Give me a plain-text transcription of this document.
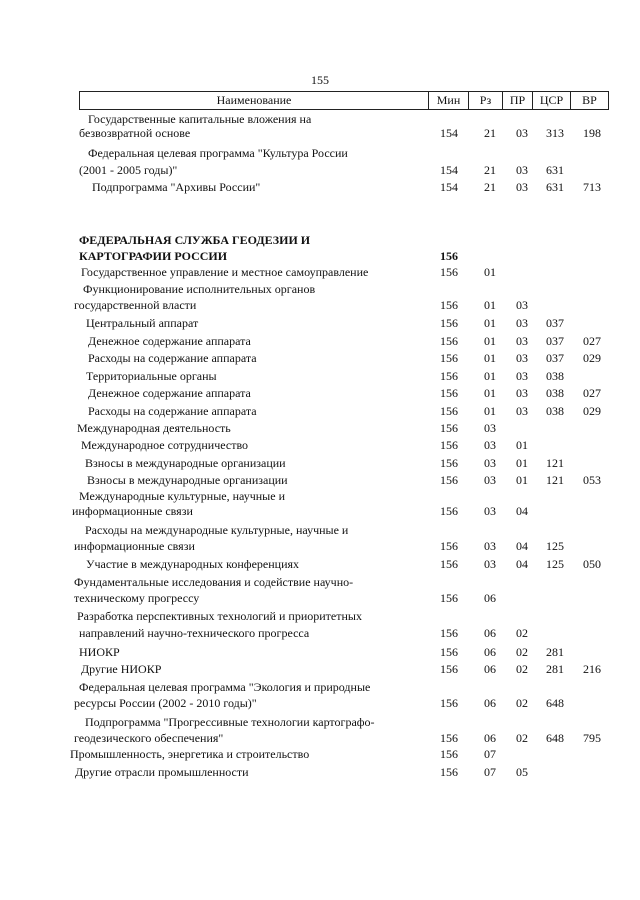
155
Наименование	Мин	Рз	ПР	ЦСР	ВР
Государственные капитальные вложения на
безвозвратной основе	154	21	03	313	198
Федеральная целевая программа "Культура России
(2001 - 2005 годы)"	154	21	03	631
Подпрограмма "Архивы России"	154	21	03	631	713
ФЕДЕРАЛЬНАЯ СЛУЖБА ГЕОДЕЗИИ И
КАРТОГРАФИИ РОССИИ	156
Государственное управление и местное самоуправление	156	01
Функционирование исполнительных органов
государственной власти	156	01	03
Центральный аппарат	156	01	03	037
Денежное содержание аппарата	156	01	03	037	027
Расходы на содержание аппарата	156	01	03	037	029
Территориальные органы	156	01	03	038
Денежное содержание аппарата	156	01	03	038	027
Расходы на содержание аппарата	156	01	03	038	029
Международная деятельность	156	03
Международное сотрудничество	156	03	01
Взносы в международные организации	156	03	01	121
Взносы в международные организации	156	03	01	121	053
Международные культурные, научные и
информационные связи	156	03	04
Расходы на международные культурные, научные и
информационные связи	156	03	04	125
Участие в международных конференциях	156	03	04	125	050
Фундаментальные исследования и содействие научно-
техническому прогрессу	156	06
Разработка перспективных технологий и приоритетных
направлений научно-технического прогресса	156	06	02
НИОКР	156	06	02	281
Другие НИОКР	156	06	02	281	216
Федеральная целевая программа "Экология и природные
ресурсы России (2002 - 2010 годы)"	156	06	02	648
Подпрограмма "Прогрессивные технологии картографо-
геодезического обеспечения"	156	06	02	648	795
Промышленность, энергетика и строительство	156	07
Другие отрасли промышленности	156	07	05
